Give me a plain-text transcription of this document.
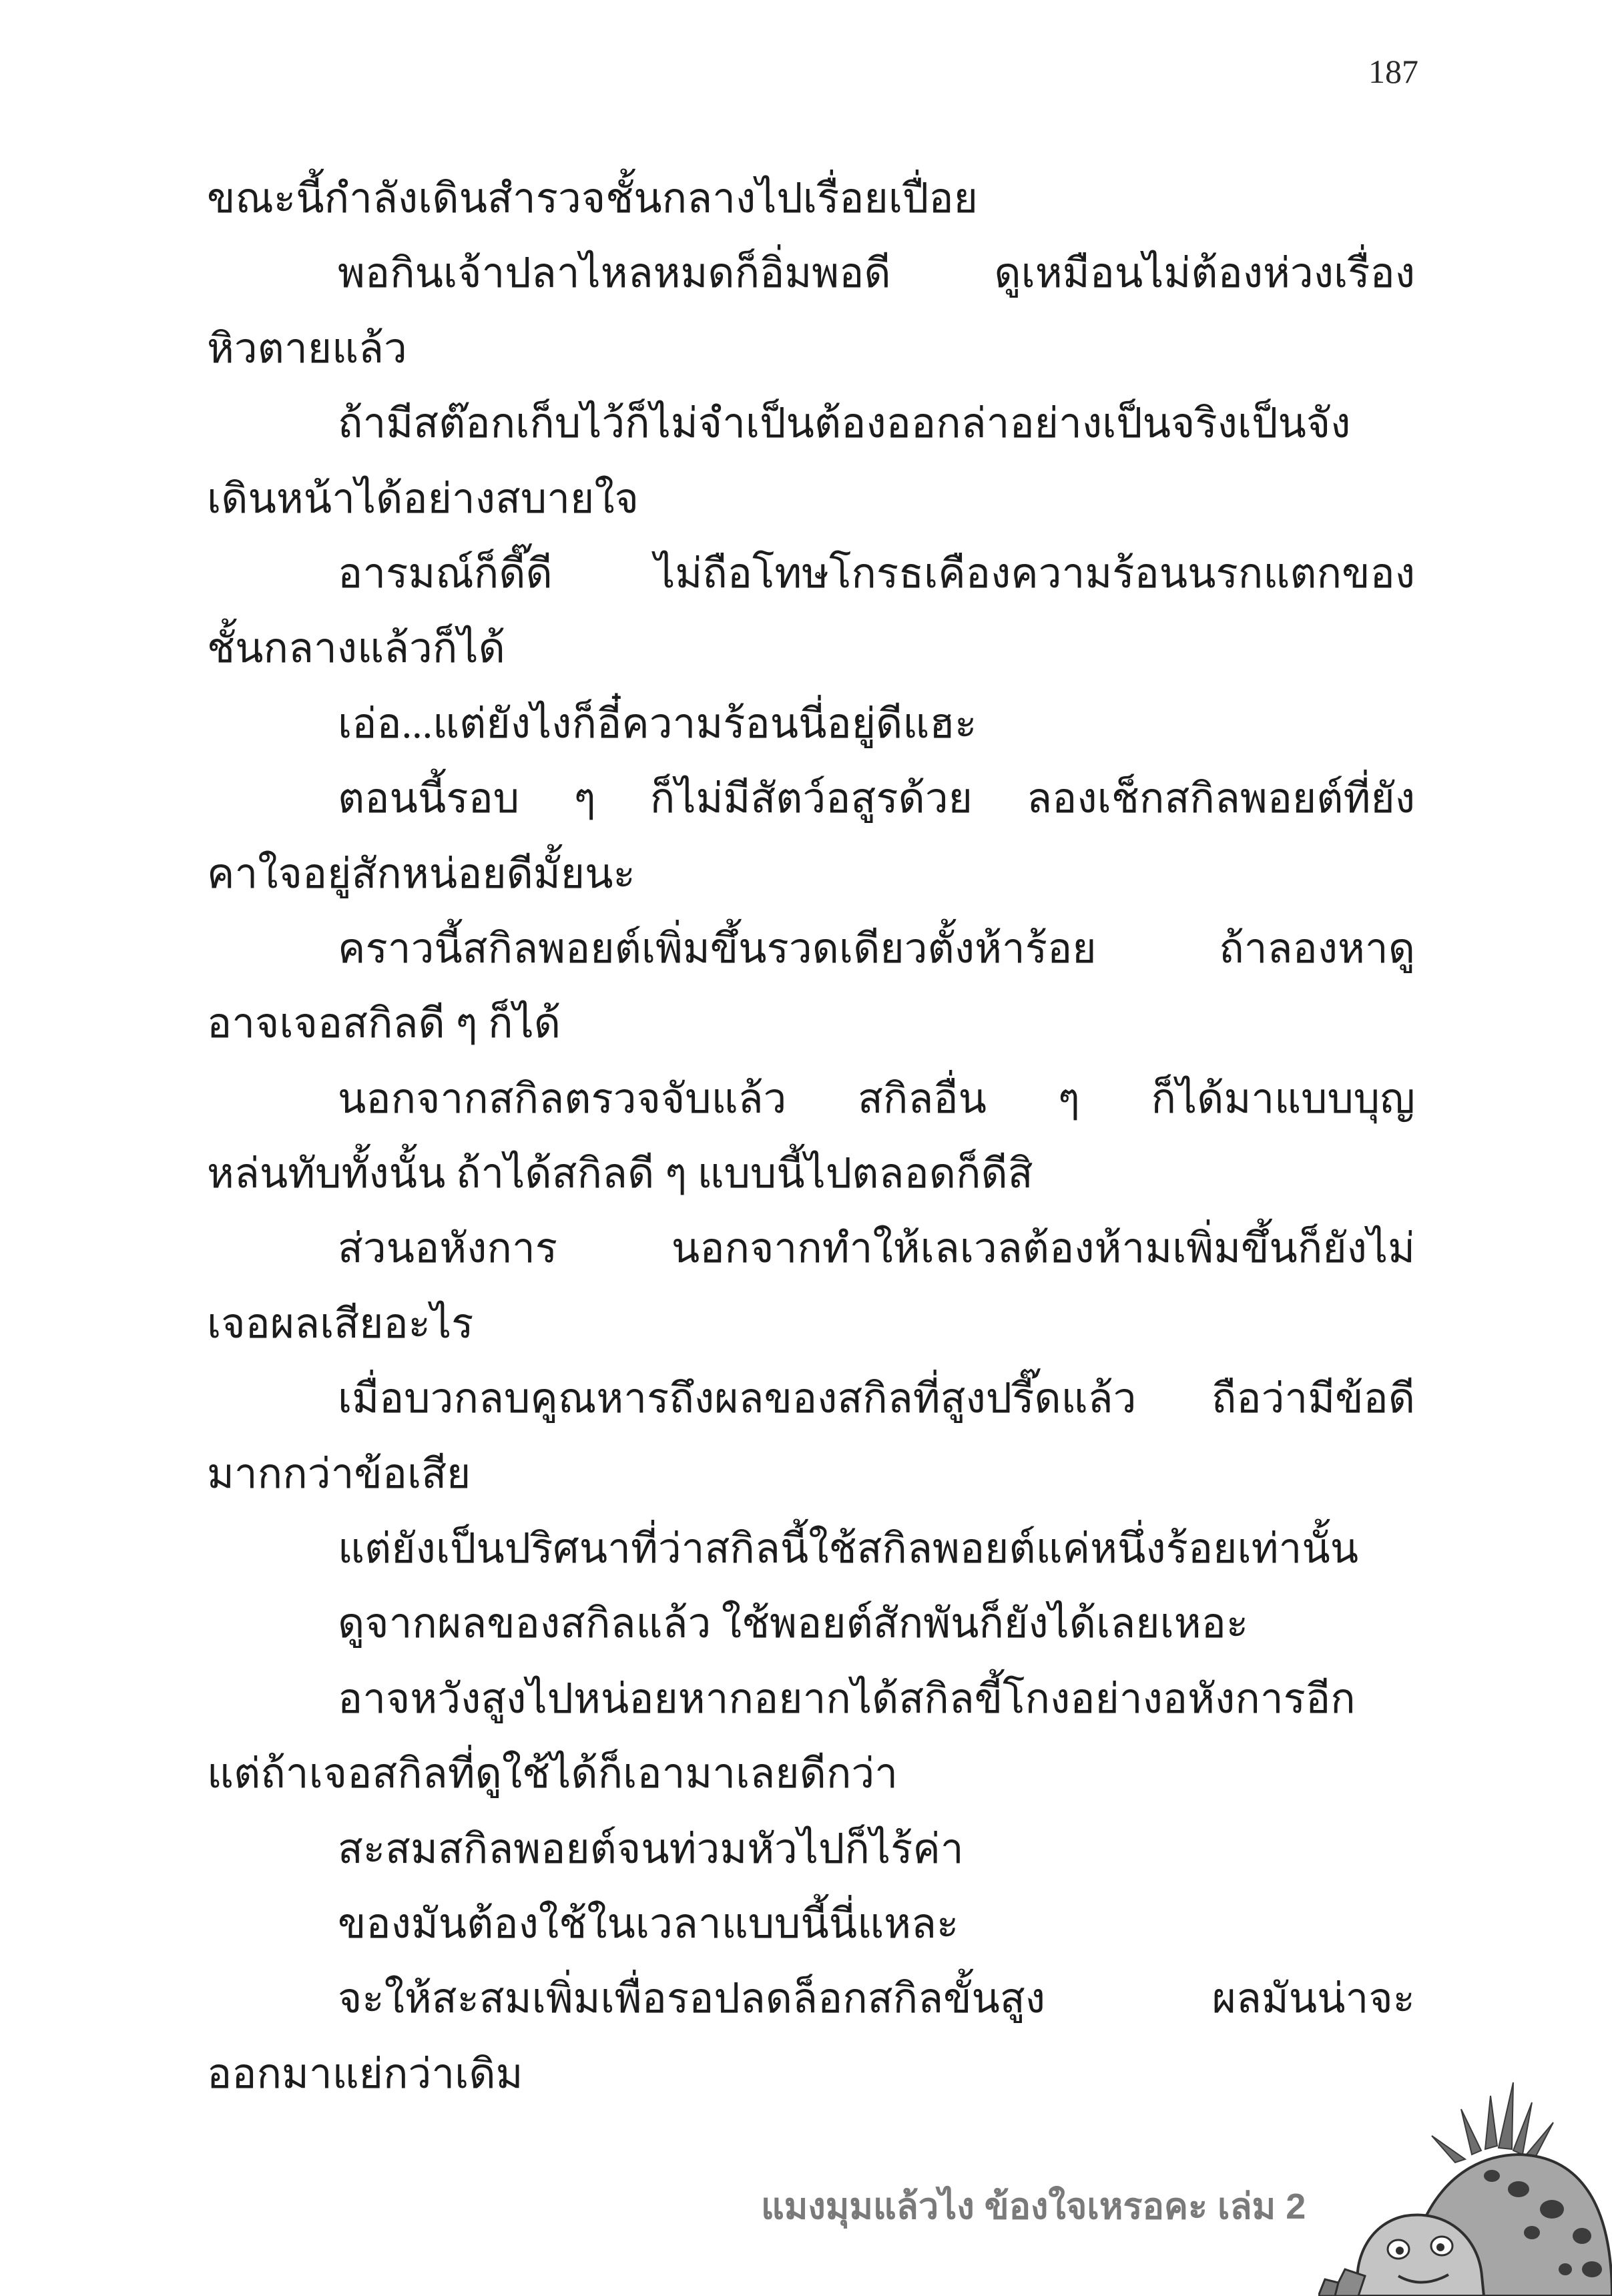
187
ขณะนี้กำลังเดินสำรวจชั้นกลางไปเรื่อยเปื่อย
พอกินเจ้าปลาไหลหมดก็อิ่มพอดี ดูเหมือนไม่ต้องห่วงเรื่อง
หิวตายแล้ว
ถ้ามีสต๊อกเก็บไว้ก็ไม่จำเป็นต้องออกล่าอย่างเป็นจริงเป็นจัง
เดินหน้าได้อย่างสบายใจ
อารมณ์ก็ดี๊ดี ไม่ถือโทษโกรธเคืองความร้อนนรกแตกของ
ชั้นกลางแล้วก็ได้
เอ่อ...แต่ยังไงก็อี๋ความร้อนนี่อยู่ดีแฮะ
ตอนนี้รอบ ๆ ก็ไม่มีสัตว์อสูรด้วย ลองเช็กสกิลพอยต์ที่ยัง
คาใจอยู่สักหน่อยดีมั้ยนะ
คราวนี้สกิลพอยต์เพิ่มขึ้นรวดเดียวตั้งห้าร้อย ถ้าลองหาดู
อาจเจอสกิลดี ๆ ก็ได้
นอกจากสกิลตรวจจับแล้ว สกิลอื่น ๆ ก็ได้มาแบบบุญ
หล่นทับทั้งนั้น ถ้าได้สกิลดี ๆ แบบนี้ไปตลอดก็ดีสิ
ส่วนอหังการ นอกจากทำให้เลเวลต้องห้ามเพิ่มขึ้นก็ยังไม่
เจอผลเสียอะไร
เมื่อบวกลบคูณหารถึงผลของสกิลที่สูงปรี๊ดแล้ว ถือว่ามีข้อดี
มากกว่าข้อเสีย
แต่ยังเป็นปริศนาที่ว่าสกิลนี้ใช้สกิลพอยต์แค่หนึ่งร้อยเท่านั้น
ดูจากผลของสกิลแล้ว ใช้พอยต์สักพันก็ยังได้เลยเหอะ
อาจหวังสูงไปหน่อยหากอยากได้สกิลขี้โกงอย่างอหังการอีก
แต่ถ้าเจอสกิลที่ดูใช้ได้ก็เอามาเลยดีกว่า
สะสมสกิลพอยต์จนท่วมหัวไปก็ไร้ค่า
ของมันต้องใช้ในเวลาแบบนี้นี่แหละ
จะให้สะสมเพิ่มเพื่อรอปลดล็อกสกิลขั้นสูง ผลมันน่าจะ
ออกมาแย่กว่าเดิม
แมงมุมแล้วไง ข้องใจเหรอคะ เล่ม 2
